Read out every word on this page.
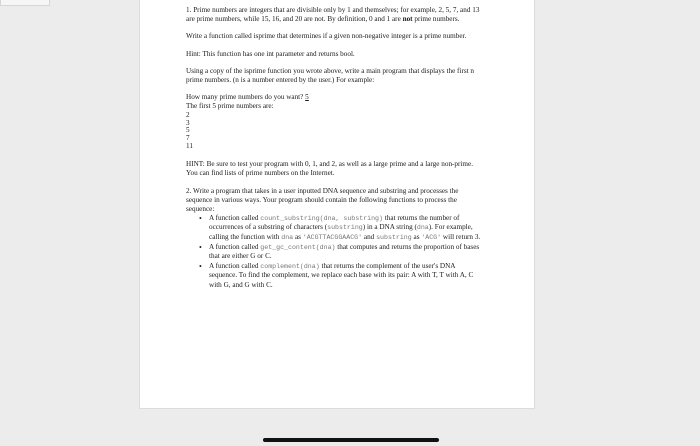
1. Prime numbers are integers that are divisible only by 1 and themselves; for example, 2, 5, 7, and 13 are prime numbers, while 15, 16, and 20 are not. By definition, 0 and 1 are not prime numbers.

Write a function called isprime that determines if a given non-negative integer is a prime number.

Hint: This function has one int parameter and returns bool.

Using a copy of the isprime function you wrote above, write a main program that displays the first n prime numbers. (n is a number entered by the user.) For example:

How many prime numbers do you want? 5

The first 5 prime numbers are:

2
3
5
7
11

HINT: Be sure to test your program with 0, 1, and 2, as well as a large prime and a large non-prime. You can find lists of prime numbers on the Internet.

2. Write a program that takes in a user inputted DNA sequence and substring and processes the sequence in various ways. Your program should contain the following functions to process the sequence:

• A function called count_substring(dna, substring) that returns the number of occurrences of a substring of characters (substring) in a DNA string (dna). For example, calling the function with dna as 'ACGTTACGGAACG' and substring as 'ACG' will return 3.
• A function called get_gc_content(dna) that computes and returns the proportion of bases that are either G or C.
• A function called complement(dna) that returns the complement of the user's DNA sequence. To find the complement, we replace each base with its pair: A with T, T with A, C with G, and G with C.
